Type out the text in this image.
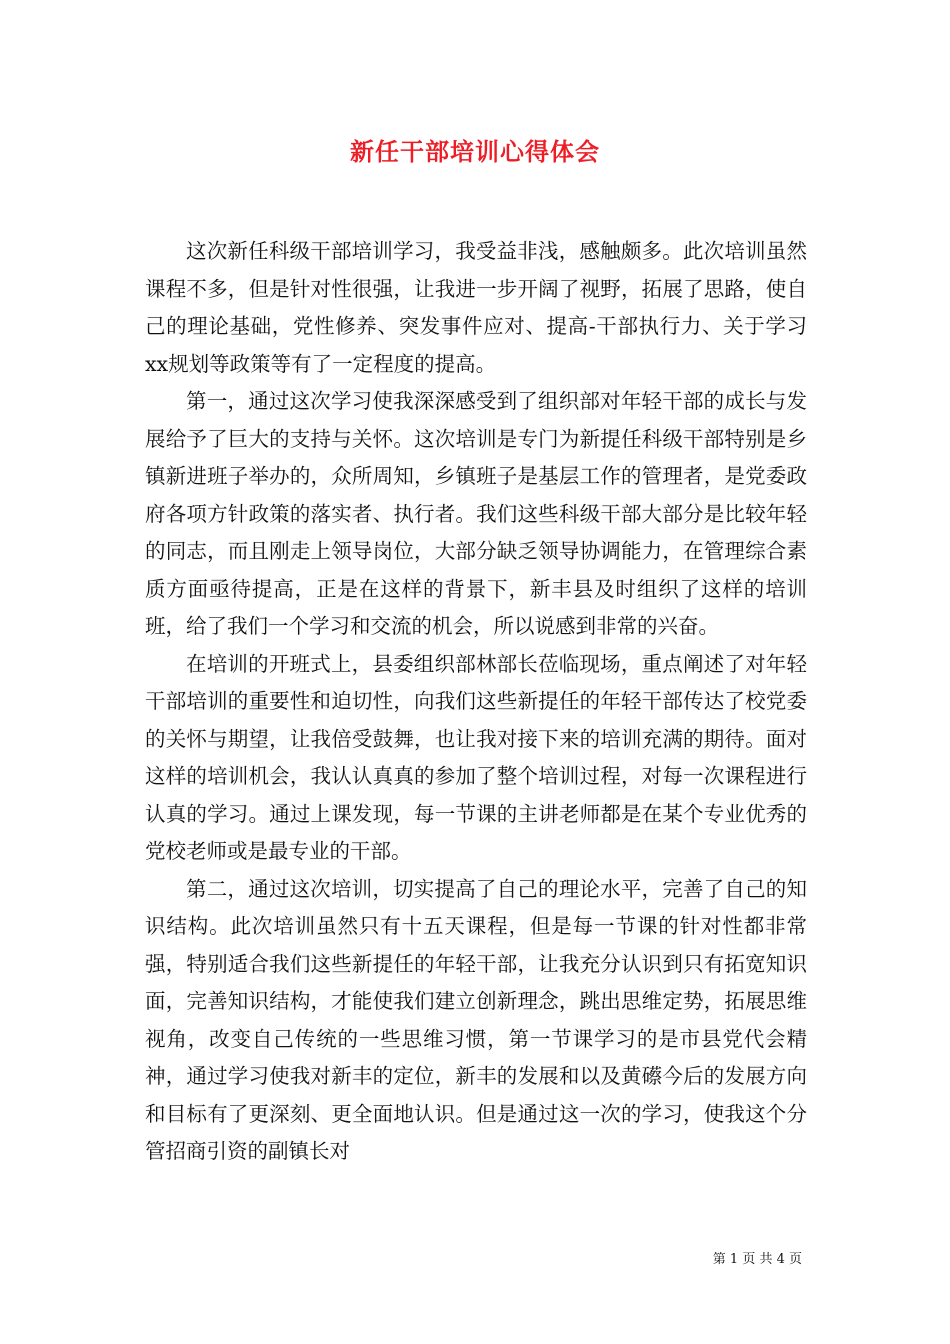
新任干部培训心得体会

这次新任科级干部培训学习，我受益非浅，感触颇多。此次培训虽然课程不多，但是针对性很强，让我进一步开阔了视野，拓展了思路，使自己的理论基础，党性修养、突发事件应对、提高-干部执行力、关于学习xx规划等政策等有了一定程度的提高。

第一，通过这次学习使我深深感受到了组织部对年轻干部的成长与发展给予了巨大的支持与关怀。这次培训是专门为新提任科级干部特别是乡镇新进班子举办的，众所周知，乡镇班子是基层工作的管理者，是党委政府各项方针政策的落实者、执行者。我们这些科级干部大部分是比较年轻的同志，而且刚走上领导岗位，大部分缺乏领导协调能力，在管理综合素质方面亟待提高，正是在这样的背景下，新丰县及时组织了这样的培训班，给了我们一个学习和交流的机会，所以说感到非常的兴奋。

在培训的开班式上，县委组织部林部长莅临现场，重点阐述了对年轻干部培训的重要性和迫切性，向我们这些新提任的年轻干部传达了校党委的关怀与期望，让我倍受鼓舞，也让我对接下来的培训充满的期待。面对这样的培训机会，我认认真真的参加了整个培训过程，对每一次课程进行认真的学习。通过上课发现，每一节课的主讲老师都是在某个专业优秀的党校老师或是最专业的干部。

第二，通过这次培训，切实提高了自己的理论水平，完善了自己的知识结构。此次培训虽然只有十五天课程，但是每一节课的针对性都非常强，特别适合我们这些新提任的年轻干部，让我充分认识到只有拓宽知识面，完善知识结构，才能使我们建立创新理念，跳出思维定势，拓展思维视角，改变自己传统的一些思维习惯，第一节课学习的是市县党代会精神，通过学习使我对新丰的定位，新丰的发展和以及黄礤今后的发展方向和目标有了更深刻、更全面地认识。但是通过这一次的学习，使我这个分管招商引资的副镇长对

第 1 页 共 4 页
